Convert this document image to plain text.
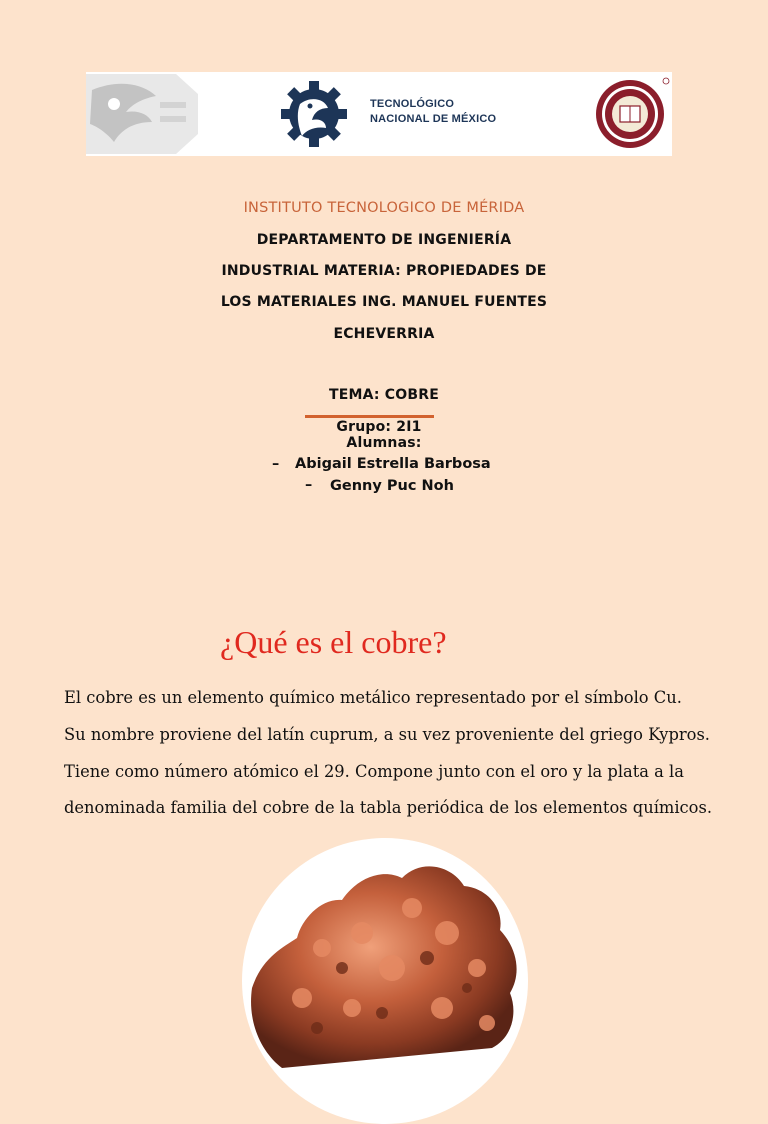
TECNOLÓGICO
NACIONAL DE MÉXICO
INSTITUTO TECNOLOGICO DE MÉRIDA
DEPARTAMENTO DE INGENIERÍA
INDUSTRIAL MATERIA: PROPIEDADES DE
LOS MATERIALES ING. MANUEL FUENTES
ECHEVERRIA
TEMA: COBRE
Grupo: 2I1
Alumnas:
– Abigail Estrella Barbosa
– Genny Puc Noh
¿Qué es el cobre?
El cobre es un elemento químico metálico representado por el símbolo Cu.
Su nombre proviene del latín cuprum, a su vez proveniente del griego Kypros.
Tiene como número atómico el 29. Compone junto con el oro y la plata a la
denominada familia del cobre de la tabla periódica de los elementos químicos.
